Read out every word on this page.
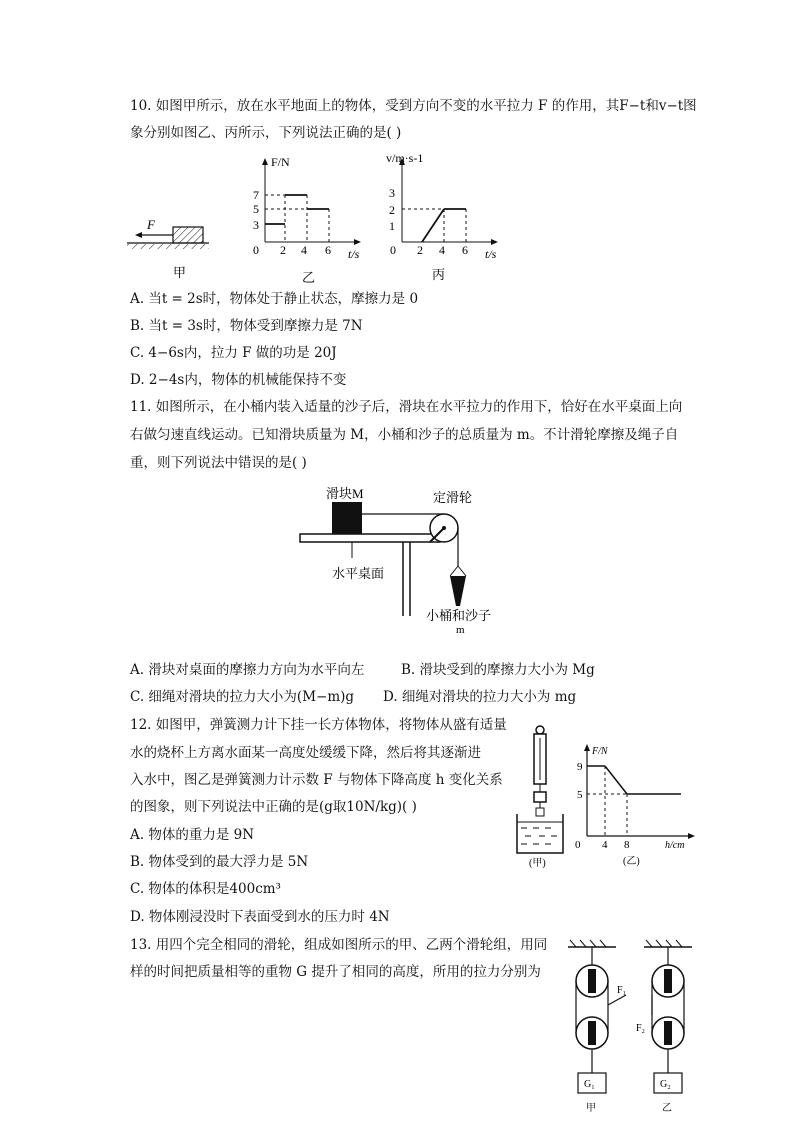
10. 如图甲所示，放在水平地面上的物体，受到方向不变的水平拉力 F 的作用，其F−t和v−t图
象分别如图乙、丙所示，下列说法正确的是( )
F
甲
F/N
t/s
7
5
3
0 2 4 6
乙
v/m·s-1
t/s
3
2
1
0 2 4 6
丙
A. 当t = 2s时，物体处于静止状态，摩擦力是 0
B. 当t = 3s时，物体受到摩擦力是 7N
C. 4−6s内，拉力 F 做的功是 20J
D. 2−4s内，物体的机械能保持不变
11. 如图所示，在小桶内装入适量的沙子后，滑块在水平拉力的作用下，恰好在水平桌面上向
右做匀速直线运动。已知滑块质量为 M，小桶和沙子的总质量为 m。不计滑轮摩擦及绳子自
重，则下列说法中错误的是( )
滑块M	定滑轮
小桶和沙子
m
水平桌面
A. 滑块对桌面的摩擦力方向为水平向左	B. 滑块受到的摩擦力大小为 Mg
C. 细绳对滑块的拉力大小为(M−m)g D. 细绳对滑块的拉力大小为 mg
12. 如图甲，弹簧测力计下挂一长方体物体，将物体从盛有适量
水的烧杯上方离水面某一高度处缓缓下降，然后将其逐渐进
入水中，图乙是弹簧测力计示数 F 与物体下降高度 h 变化关系
的图象，则下列说法中正确的是(g取10N/kg)( )
(甲)
F/N
h/cm
9
5
0 4 8
(乙)
A. 物体的重力是 9N
B. 物体受到的最大浮力是 5N
C. 物体的体积是400cm³
D. 物体刚浸没时下表面受到水的压力时 4N
13. 用四个完全相同的滑轮，组成如图所示的甲、乙两个滑轮组，用同
样的时间把质量相等的重物 G 提升了相同的高度，所用的拉力分别为
F₁
G₁
甲
F₂
G₂
乙
